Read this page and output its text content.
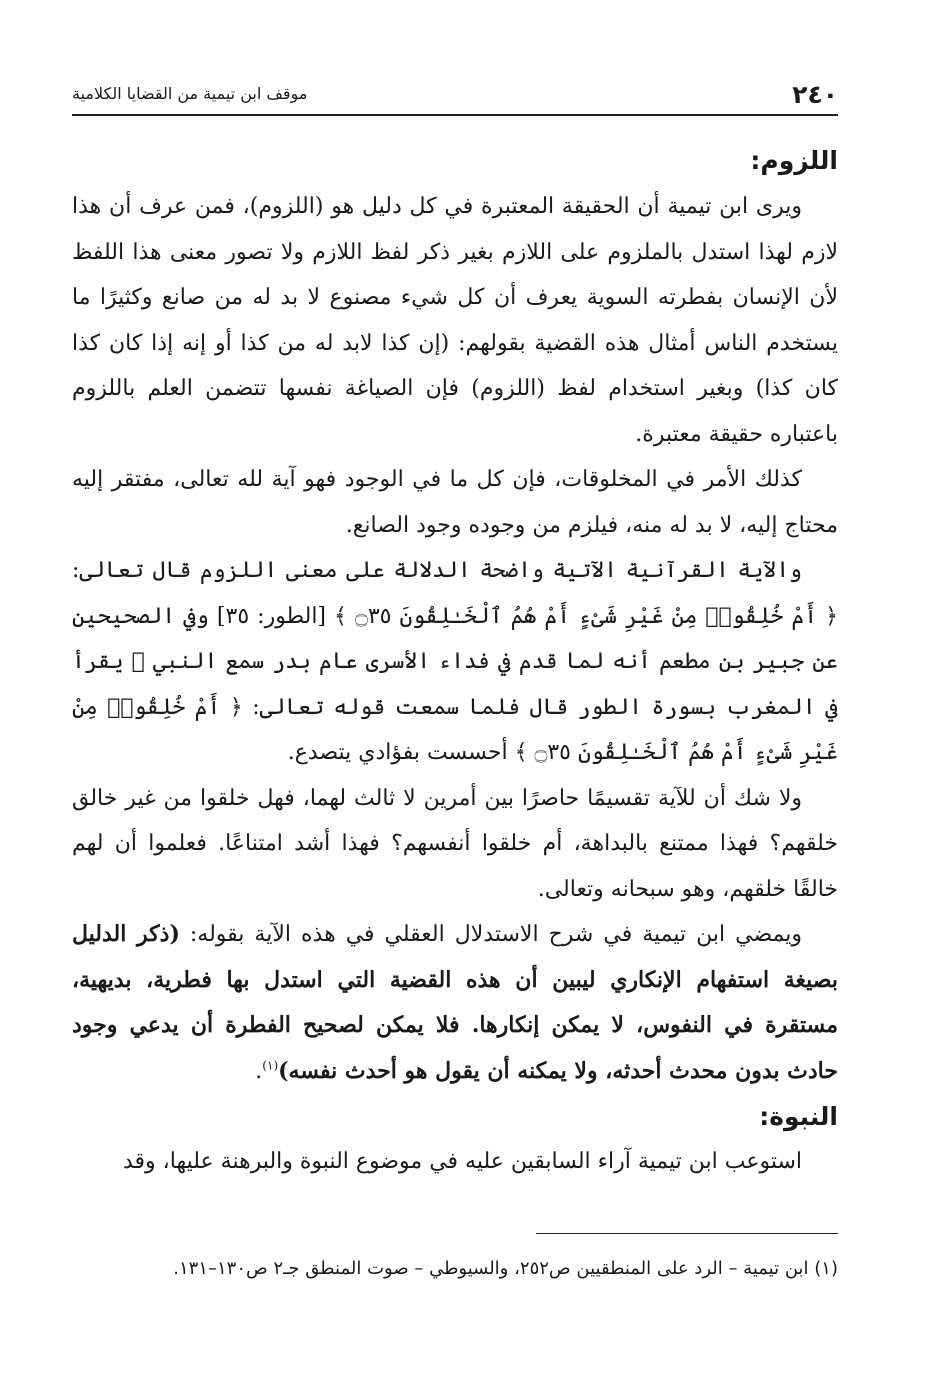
٢٤٠
موقف ابن تيمية من القضايا الكلامية
اللزوم:

ويرى ابن تيمية أن الحقيقة المعتبرة في كل دليل هو (اللزوم)، فمن عرف أن هذا لازم لهذا استدل بالملزوم على اللازم بغير ذكر لفظ اللازم ولا تصور معنى هذا اللفظ لأن الإنسان بفطرته السوية يعرف أن كل شيء مصنوع لا بد له من صانع وكثيرًا ما يستخدم الناس أمثال هذه القضية بقولهم: (إن كذا لابد له من كذا أو إنه إذا كان كذا كان كذا) وبغير استخدام لفظ (اللزوم) فإن الصياغة نفسها تتضمن العلم باللزوم باعتباره حقيقة معتبرة.

كذلك الأمر في المخلوقات، فإن كل ما في الوجود فهو آية لله تعالى، مفتقر إليه محتاج إليه، لا بد له منه، فيلزم من وجوده وجود الصانع.

والآية القرآنية الآتية واضحة الدلالة على معنى اللزوم قال تعالى: ﴿ أَمْ خُلِقُوا۟ مِنْ غَيْرِ شَىْءٍ أَمْ هُمُ ٱلْخَـٰلِقُونَ ۝٣٥ ﴾ [الطور: ٣٥] وفي الصحيحين عن جبير بن مطعم أنه لما قدم في فداء الأسرى عام بدر سمع النبي ﷺ يقرأ في المغرب بسورة الطور قال فلما سمعت قوله تعالى: ﴿ أَمْ خُلِقُوا۟ مِنْ غَيْرِ شَىْءٍ أَمْ هُمُ ٱلْخَـٰلِقُونَ ۝٣٥ ﴾ أحسست بفؤادي يتصدع.

ولا شك أن للآية تقسيمًا حاصرًا بين أمرين لا ثالث لهما، فهل خلقوا من غير خالق خلقهم؟ فهذا ممتنع بالبداهة، أم خلقوا أنفسهم؟ فهذا أشد امتناعًا. فعلموا أن لهم خالقًا خلقهم، وهو سبحانه وتعالى.

ويمضي ابن تيمية في شرح الاستدلال العقلي في هذه الآية بقوله: (ذكر الدليل بصيغة استفهام الإنكاري ليبين أن هذه القضية التي استدل بها فطرية، بديهية، مستقرة في النفوس، لا يمكن إنكارها. فلا يمكن لصحيح الفطرة أن يدعي وجود حادث بدون محدث أحدثه، ولا يمكنه أن يقول هو أحدث نفسه)$^{(١)}$.

النبوة:

استوعب ابن تيمية آراء السابقين عليه في موضوع النبوة والبرهنة عليها، وقد

(١) ابن تيمية – الرد على المنطقيين ص٢٥٢، والسيوطي – صوت المنطق جـ٢ ص١٣٠–١٣١.
